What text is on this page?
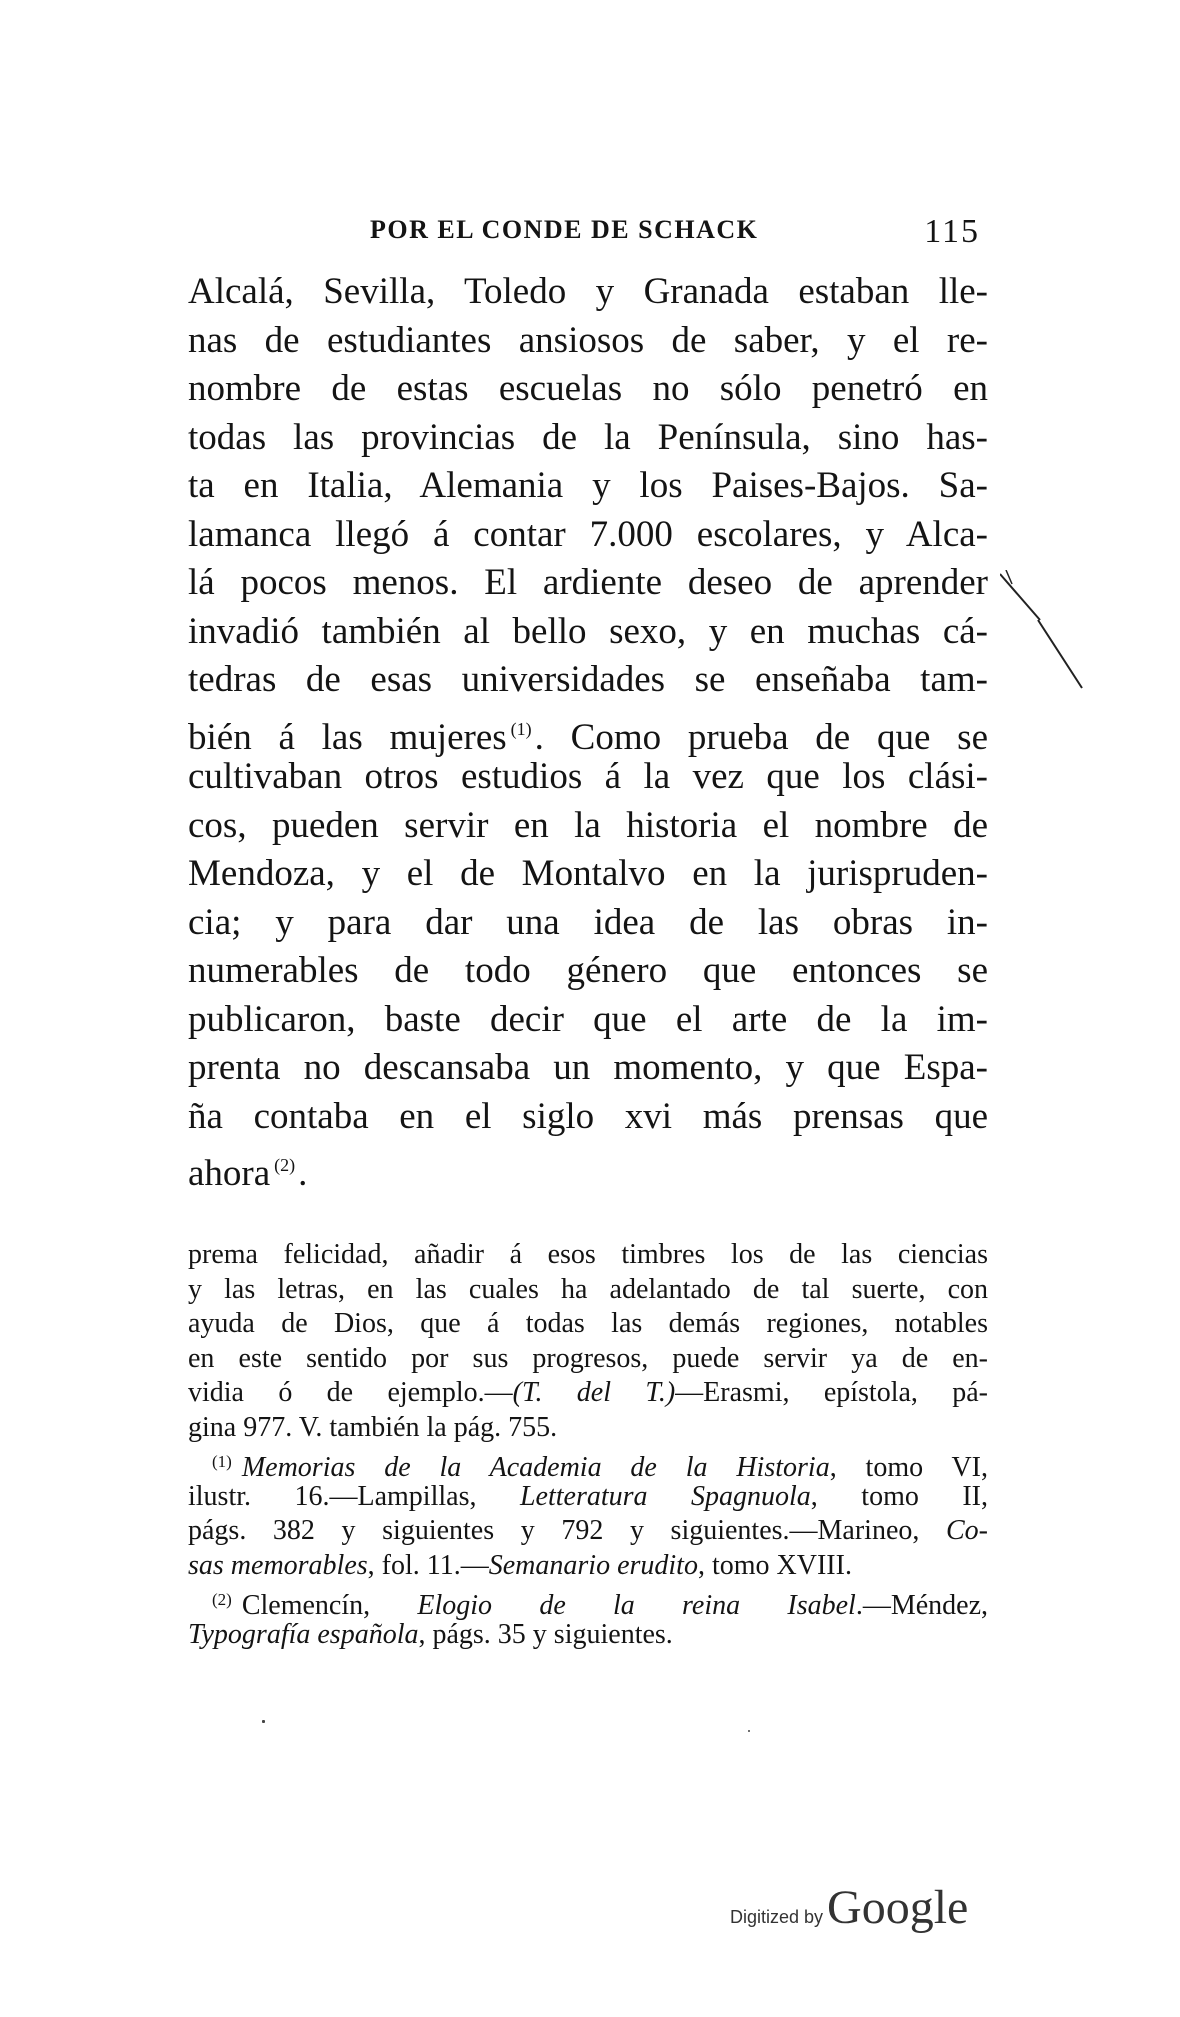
POR EL CONDE DE SCHACK	115
Alcalá, Sevilla, Toledo y Granada estaban lle-
nas de estudiantes ansiosos de saber, y el re-
nombre de estas escuelas no sólo penetró en
todas las provincias de la Península, sino has-
ta en Italia, Alemania y los Paises-Bajos. Sa-
lamanca llegó á contar 7.000 escolares, y Alca-
lá pocos menos. El ardiente deseo de aprender
invadió también al bello sexo, y en muchas cá-
tedras de esas universidades se enseñaba tam-
bién á las mujeres $^{(1)}$. Como prueba de que se
cultivaban otros estudios á la vez que los clási-
cos, pueden servir en la historia el nombre de
Mendoza, y el de Montalvo en la jurispruden-
cia; y para dar una idea de las obras in-
numerables de todo género que entonces se
publicaron, baste decir que el arte de la im-
prenta no descansaba un momento, y que Espa-
ña contaba en el siglo xvi más prensas que
ahora $^{(2)}$.
prema felicidad, añadir á esos timbres los de las ciencias
y las letras, en las cuales ha adelantado de tal suerte, con
ayuda de Dios, que á todas las demás regiones, notables
en este sentido por sus progresos, puede servir ya de en-
vidia ó de ejemplo.—(T. del T.)—Erasmi, epístola, pá-
gina 977. V. también la pág. 755.
$^{(1)}$ Memorias de la Academia de la Historia, tomo VI,
ilustr. 16.—Lampillas, Letteratura Spagnuola, tomo II,
págs. 382 y siguientes y 792 y siguientes.—Marineo, Co-
sas memorables, fol. 11.—Semanario erudito, tomo XVIII.
$^{(2)}$ Clemencín, Elogio de la reina Isabel.—Méndez,
Typografía española, págs. 35 y siguientes.
Digitized by Google
